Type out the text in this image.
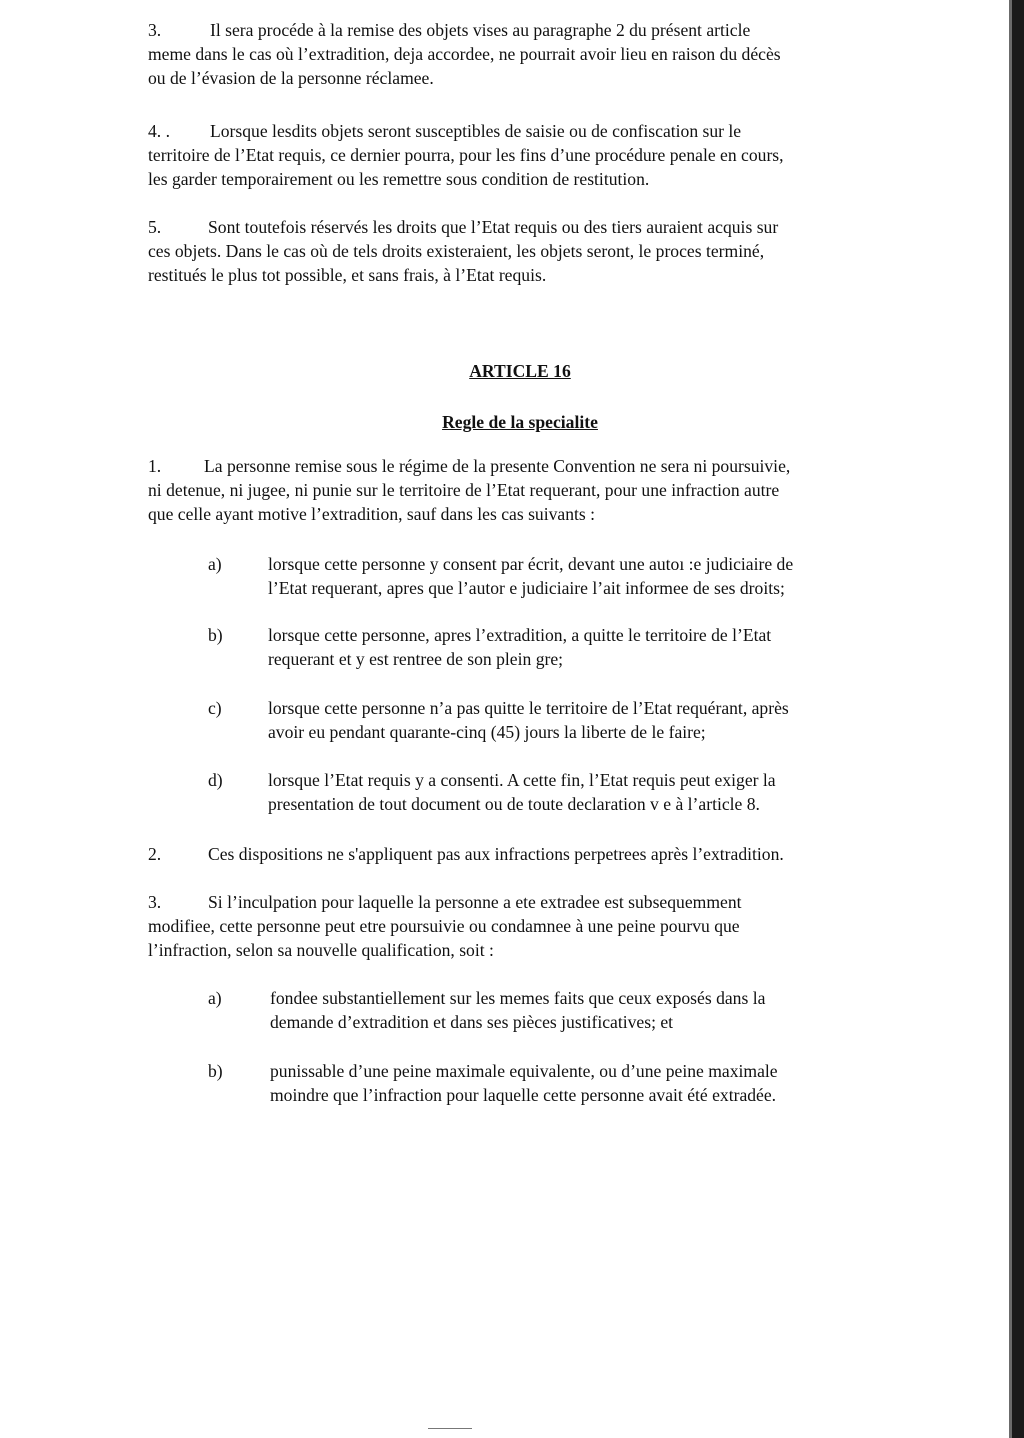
3.	Il sera procéde à la remise des objets vises au paragraphe 2 du présent article
meme dans le cas où l’extradition, deja accordee, ne pourrait avoir lieu en raison du décès
ou de l’évasion de la personne réclamee.
4. . Lorsque lesdits objets seront susceptibles de saisie ou de confiscation sur le
territoire de l’Etat requis, ce dernier pourra, pour les fins d’une procédure penale en cours,
les garder temporairement ou les remettre sous condition de restitution.
5.	Sont toutefois réservés les droits que l’Etat requis ou des tiers auraient acquis sur
ces objets. Dans le cas où de tels droits existeraient, les objets seront, le proces terminé,
restitués le plus tot possible, et sans frais, à l’Etat requis.
ARTICLE 16
Regle de la specialite
1. La personne remise sous le régime de la presente Convention ne sera ni poursuivie,
ni detenue, ni jugee, ni punie sur le territoire de l’Etat requerant, pour une infraction autre
que celle ayant motive l’extradition, sauf dans les cas suivants :
a)	lorsque cette personne y consent par écrit, devant une autoı :e judiciaire de
l’Etat requerant, apres que l’autor e judiciaire l’ait informee de ses droits;
b)	lorsque cette personne, apres l’extradition, a quitte le territoire de l’Etat
requerant et y est rentree de son plein gre;
c)	lorsque cette personne n’a pas quitte le territoire de l’Etat requérant, après
avoir eu pendant quarante-cinq (45) jours la liberte de le faire;
d)	lorsque l’Etat requis y a consenti. A cette fin, l’Etat requis peut exiger la
presentation de tout document ou de toute declaration v e à l’article 8.
2.	Ces dispositions ne s'appliquent pas aux infractions perpetrees après l’extradition.
3.	Si l’inculpation pour laquelle la personne a ete extradee est subsequemment
modifiee, cette personne peut etre poursuivie ou condamnee à une peine pourvu que
l’infraction, selon sa nouvelle qualification, soit :
a)	fondee substantiellement sur les memes faits que ceux exposés dans la
demande d’extradition et dans ses pièces justificatives; et
b)	punissable d’une peine maximale equivalente, ou d’une peine maximale
moindre que l’infraction pour laquelle cette personne avait été extradée.
